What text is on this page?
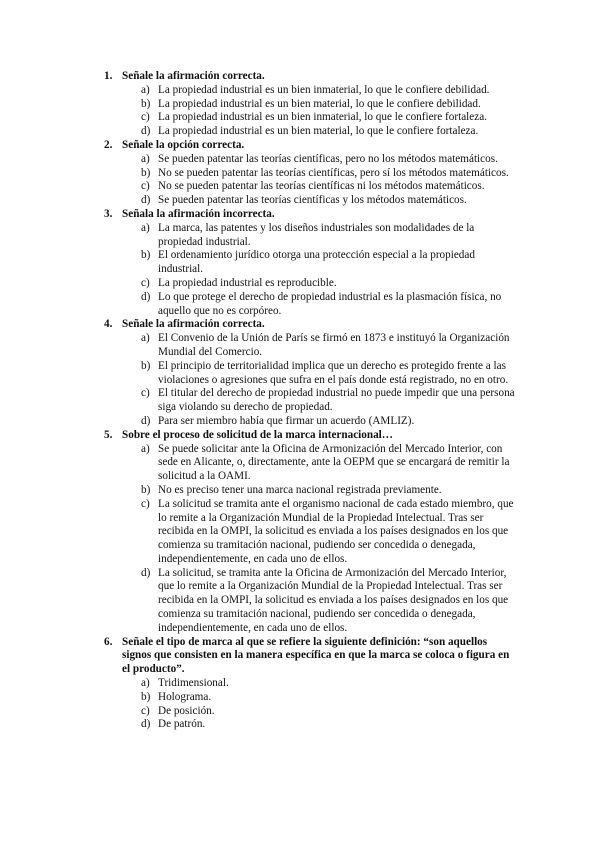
1. Señale la afirmación correcta.
a) La propiedad industrial es un bien inmaterial, lo que le confiere debilidad.
b) La propiedad industrial es un bien material, lo que le confiere debilidad.
c) La propiedad industrial es un bien inmaterial, lo que le confiere fortaleza.
d) La propiedad industrial es un bien material, lo que le confiere fortaleza.
2. Señale la opción correcta.
a) Se pueden patentar las teorías científicas, pero no los métodos matemáticos.
b) No se pueden patentar las teorías científicas, pero sí los métodos matemáticos.
c) No se pueden patentar las teorías científicas ni los métodos matemáticos.
d) Se pueden patentar las teorías científicas y los métodos matemáticos.
3. Señala la afirmación incorrecta.
a) La marca, las patentes y los diseños industriales son modalidades de la
propiedad industrial.
b) El ordenamiento jurídico otorga una protección especial a la propiedad
industrial.
c) La propiedad industrial es reproducible.
d) Lo que protege el derecho de propiedad industrial es la plasmación física, no
aquello que no es corpóreo.
4. Señale la afirmación correcta.
a) El Convenio de la Unión de París se firmó en 1873 e instituyó la Organización
Mundial del Comercio.
b) El principio de territorialidad implica que un derecho es protegido frente a las
violaciones o agresiones que sufra en el país donde está registrado, no en otro.
c) El titular del derecho de propiedad industrial no puede impedir que una persona
siga violando su derecho de propiedad.
d) Para ser miembro había que firmar un acuerdo (AMLIZ).
5. Sobre el proceso de solicitud de la marca internacional…
a) Se puede solicitar ante la Oficina de Armonización del Mercado Interior, con
sede en Alicante, o, directamente, ante la OEPM que se encargará de remitir la
solicitud a la OAMI.
b) No es preciso tener una marca nacional registrada previamente.
c) La solicitud se tramita ante el organismo nacional de cada estado miembro, que
lo remite a la Organización Mundial de la Propiedad Intelectual. Tras ser
recibida en la OMPI, la solicitud es enviada a los países designados en los que
comienza su tramitación nacional, pudiendo ser concedida o denegada,
independientemente, en cada uno de ellos.
d) La solicitud, se tramita ante la Oficina de Armonización del Mercado Interior,
que lo remite a la Organización Mundial de la Propiedad Intelectual. Tras ser
recibida en la OMPI, la solicitud es enviada a los países designados en los que
comienza su tramitación nacional, pudiendo ser concedida o denegada,
independientemente, en cada uno de ellos.
6. Señale el tipo de marca al que se refiere la siguiente definición: “son aquellos
signos que consisten en la manera específica en que la marca se coloca o figura en
el producto”.
a) Tridimensional.
b) Holograma.
c) De posición.
d) De patrón.
